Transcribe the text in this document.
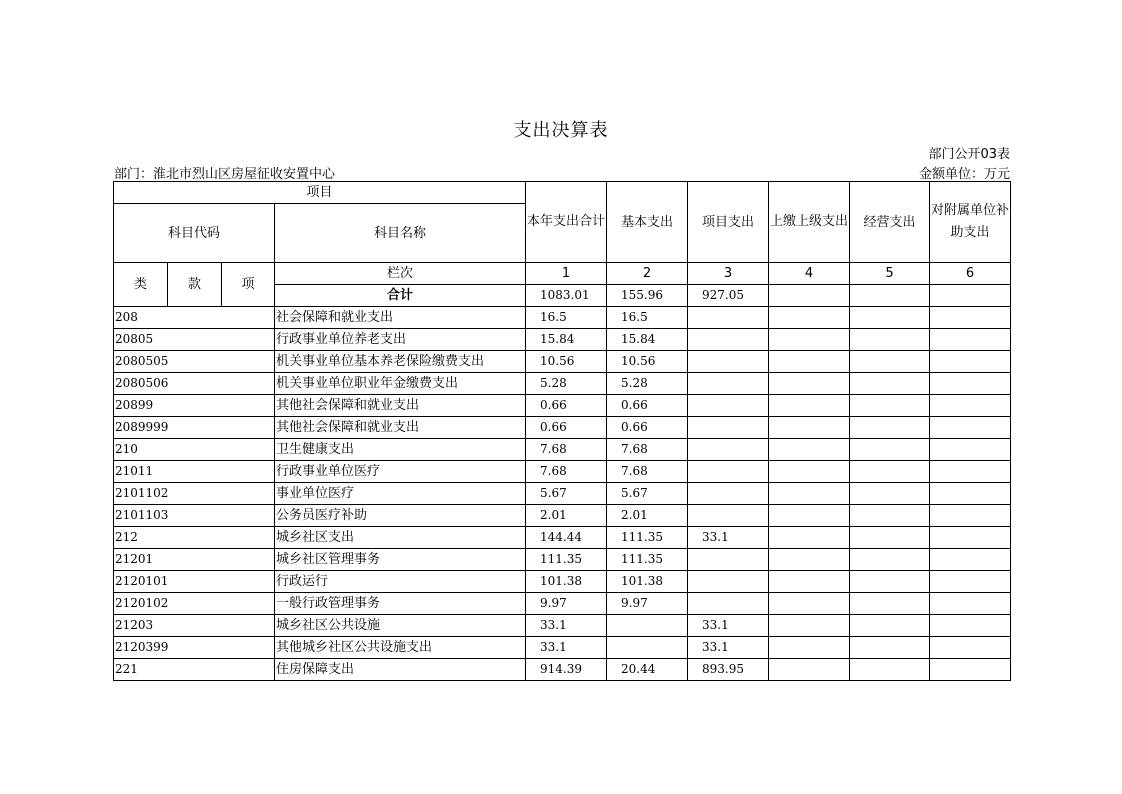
支出决算表
部门公开03表
部门：淮北市烈山区房屋征收安置中心	金额单位：万元
项目				本年支出合计	基本支出	项目支出	上缴上级支出	经营支出	对附属单位补助支出
科目代码			科目名称						
类	款	项	栏次	1	2	3	4	5	6
			合计	1083.01	155.96	927.05			
208			社会保障和就业支出	16.5	16.5				
20805			行政事业单位养老支出	15.84	15.84				
2080505			机关事业单位基本养老保险缴费支出	10.56	10.56				
2080506			机关事业单位职业年金缴费支出	5.28	5.28				
20899			其他社会保障和就业支出	0.66	0.66				
2089999			其他社会保障和就业支出	0.66	0.66				
210			卫生健康支出	7.68	7.68				
21011			行政事业单位医疗	7.68	7.68				
2101102			事业单位医疗	5.67	5.67				
2101103			公务员医疗补助	2.01	2.01				
212			城乡社区支出	144.44	111.35	33.1			
21201			城乡社区管理事务	111.35	111.35				
2120101			行政运行	101.38	101.38				
2120102			一般行政管理事务	9.97	9.97				
21203			城乡社区公共设施	33.1		33.1			
2120399			其他城乡社区公共设施支出	33.1		33.1			
221			住房保障支出	914.39	20.44	893.95			
